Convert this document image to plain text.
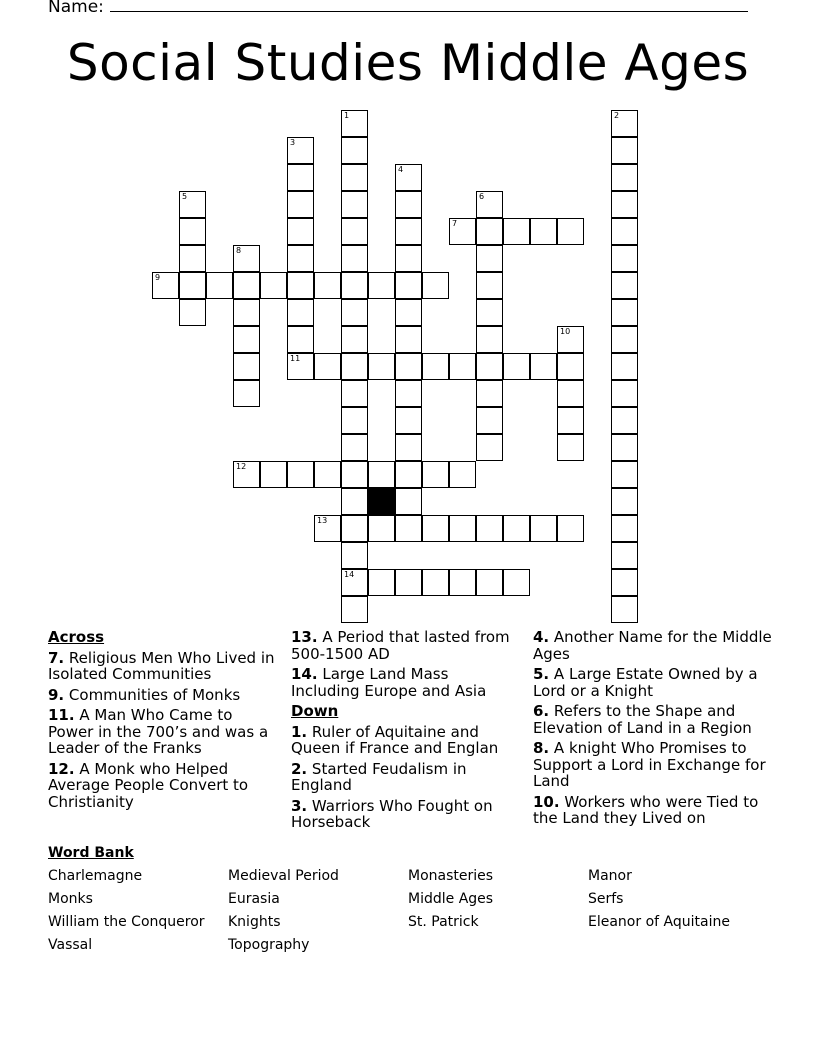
Name:
Social Studies Middle Ages
1
14
2
3
4
5	6
8
10
7
9
11
12
13
Across
7. Religious Men Who Lived in Isolated Communities
9. Communities of Monks
11. A Man Who Came to Power in the 700’s and was a Leader of the Franks
12. A Monk who Helped Average People Convert to Christianity
13. A Period that lasted from 500-1500 AD
14. Large Land Mass Including Europe and Asia
Down
1. Ruler of Aquitaine and Queen if France and Englan
2. Started Feudalism in England
3. Warriors Who Fought on Horseback
4. Another Name for the Middle Ages
5. A Large Estate Owned by a Lord or a Knight
6. Refers to the Shape and Elevation of Land in a Region
8. A knight Who Promises to Support a Lord in Exchange for Land
10. Workers who were Tied to the Land they Lived on
Word Bank
Charlemagne	Medieval Period	Monasteries	Manor
Monks	Eurasia	Middle Ages	Serfs
William the Conqueror	Knights	St. Patrick	Eleanor of Aquitaine
Vassal	Topography
